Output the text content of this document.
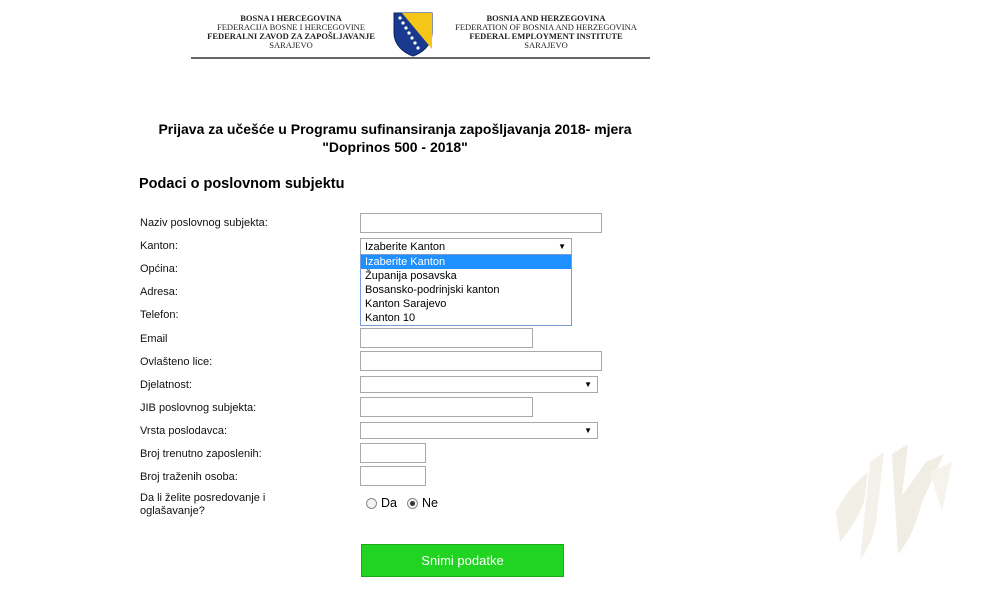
BOSNA I HERCEGOVINA
FEDERACIJA BOSNE I HERCEGOVINE
FEDERALNI ZAVOD ZA ZAPOŠLJAVANJE
SARAJEVO
BOSNIA AND HERZEGOVINA
FEDERATION OF BOSNIA AND HERZEGOVINA
FEDERAL EMPLOYMENT INSTITUTE
SARAJEVO
Prijava za učešće u Programu sufinansiranja zapošljavanja 2018- mjera
"Doprinos 500 - 2018"
Podaci o poslovnom subjektu
Naziv poslovnog subjekta:
Kanton:
Općina:
Adresa:
Telefon:
Email
Ovlašteno lice:
Djelatnost:
JIB poslovnog subjekta:
Vrsta poslodavca:
Broj trenutno zaposlenih:
Broj traženih osoba:
Da li želite posredovanje i
oglašavanje?
Izaberite Kanton	▼
▼
▼
Izaberite Kanton
Županija posavska
Bosansko-podrinjski kanton
Kanton Sarajevo
Kanton 10
Da Ne
Snimi podatke
